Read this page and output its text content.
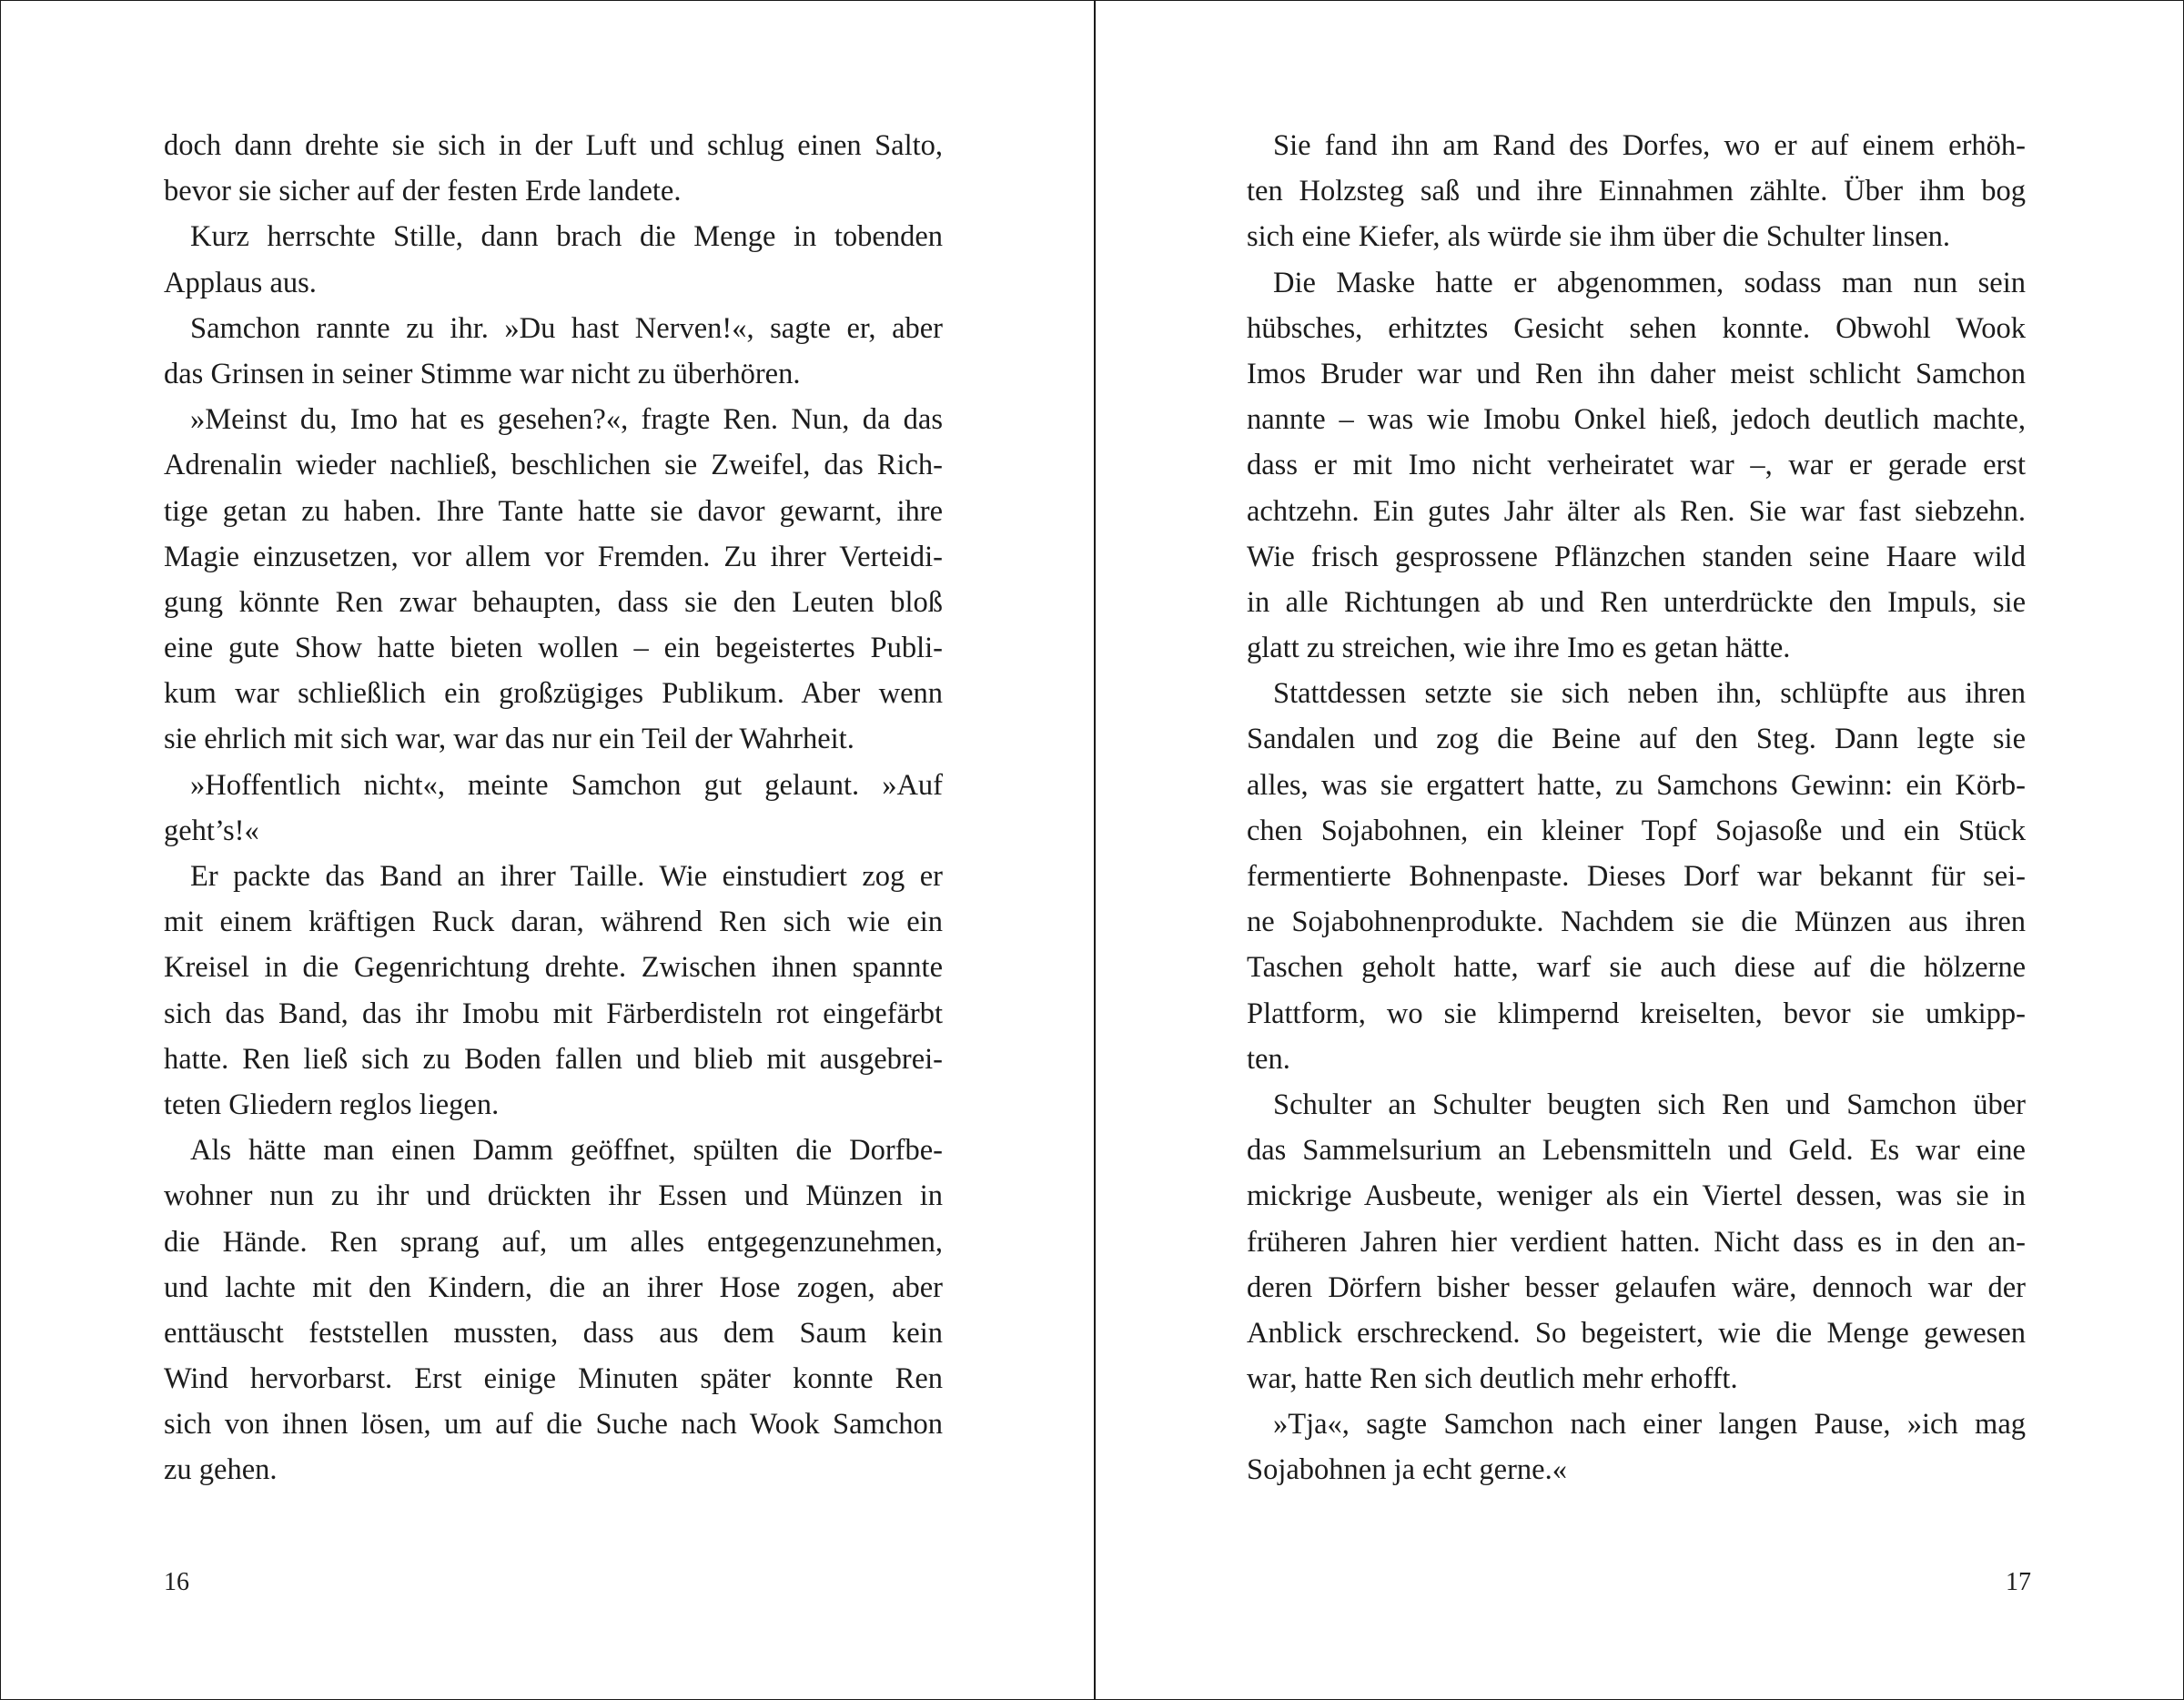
doch dann drehte sie sich in der Luft und schlug einen Salto,
bevor sie sicher auf der festen Erde landete.
Kurz herrschte Stille, dann brach die Menge in tobenden
Applaus aus.
Samchon rannte zu ihr. »Du hast Nerven!«, sagte er, aber
das Grinsen in seiner Stimme war nicht zu überhören.
»Meinst du, Imo hat es gesehen?«, fragte Ren. Nun, da das
Adrenalin wieder nachließ, beschlichen sie Zweifel, das Rich-
tige getan zu haben. Ihre Tante hatte sie davor gewarnt, ihre
Magie einzusetzen, vor allem vor Fremden. Zu ihrer Verteidi-
gung könnte Ren zwar behaupten, dass sie den Leuten bloß
eine gute Show hatte bieten wollen – ein begeistertes Publi-
kum war schließlich ein großzügiges Publikum. Aber wenn
sie ehrlich mit sich war, war das nur ein Teil der Wahrheit.
»Hoffentlich nicht«, meinte Samchon gut gelaunt. »Auf
geht’s!«
Er packte das Band an ihrer Taille. Wie einstudiert zog er
mit einem kräftigen Ruck daran, während Ren sich wie ein
Kreisel in die Gegenrichtung drehte. Zwischen ihnen spannte
sich das Band, das ihr Imobu mit Färberdisteln rot eingefärbt
hatte. Ren ließ sich zu Boden fallen und blieb mit ausgebrei-
teten Gliedern reglos liegen.
Als hätte man einen Damm geöffnet, spülten die Dorfbe-
wohner nun zu ihr und drückten ihr Essen und Münzen in
die Hände. Ren sprang auf, um alles entgegenzunehmen,
und lachte mit den Kindern, die an ihrer Hose zogen, aber
enttäuscht feststellen mussten, dass aus dem Saum kein
Wind hervorbarst. Erst einige Minuten später konnte Ren
sich von ihnen lösen, um auf die Suche nach Wook Samchon
zu gehen.
16
Sie fand ihn am Rand des Dorfes, wo er auf einem erhöh-
ten Holzsteg saß und ihre Einnahmen zählte. Über ihm bog
sich eine Kiefer, als würde sie ihm über die Schulter linsen.
Die Maske hatte er abgenommen, sodass man nun sein
hübsches, erhitztes Gesicht sehen konnte. Obwohl Wook
Imos Bruder war und Ren ihn daher meist schlicht Samchon
nannte – was wie Imobu Onkel hieß, jedoch deutlich machte,
dass er mit Imo nicht verheiratet war –, war er gerade erst
achtzehn. Ein gutes Jahr älter als Ren. Sie war fast siebzehn.
Wie frisch gesprossene Pflänzchen standen seine Haare wild
in alle Richtungen ab und Ren unterdrückte den Impuls, sie
glatt zu streichen, wie ihre Imo es getan hätte.
Stattdessen setzte sie sich neben ihn, schlüpfte aus ihren
Sandalen und zog die Beine auf den Steg. Dann legte sie
alles, was sie ergattert hatte, zu Samchons Gewinn: ein Körb-
chen Sojabohnen, ein kleiner Topf Sojasoße und ein Stück
fermentierte Bohnenpaste. Dieses Dorf war bekannt für sei-
ne Sojabohnenprodukte. Nachdem sie die Münzen aus ihren
Taschen geholt hatte, warf sie auch diese auf die hölzerne
Plattform, wo sie klimpernd kreiselten, bevor sie umkipp-
ten.
Schulter an Schulter beugten sich Ren und Samchon über
das Sammelsurium an Lebensmitteln und Geld. Es war eine
mickrige Ausbeute, weniger als ein Viertel dessen, was sie in
früheren Jahren hier verdient hatten. Nicht dass es in den an-
deren Dörfern bisher besser gelaufen wäre, dennoch war der
Anblick erschreckend. So begeistert, wie die Menge gewesen
war, hatte Ren sich deutlich mehr erhofft.
»Tja«, sagte Samchon nach einer langen Pause, »ich mag
Sojabohnen ja echt gerne.«
17
